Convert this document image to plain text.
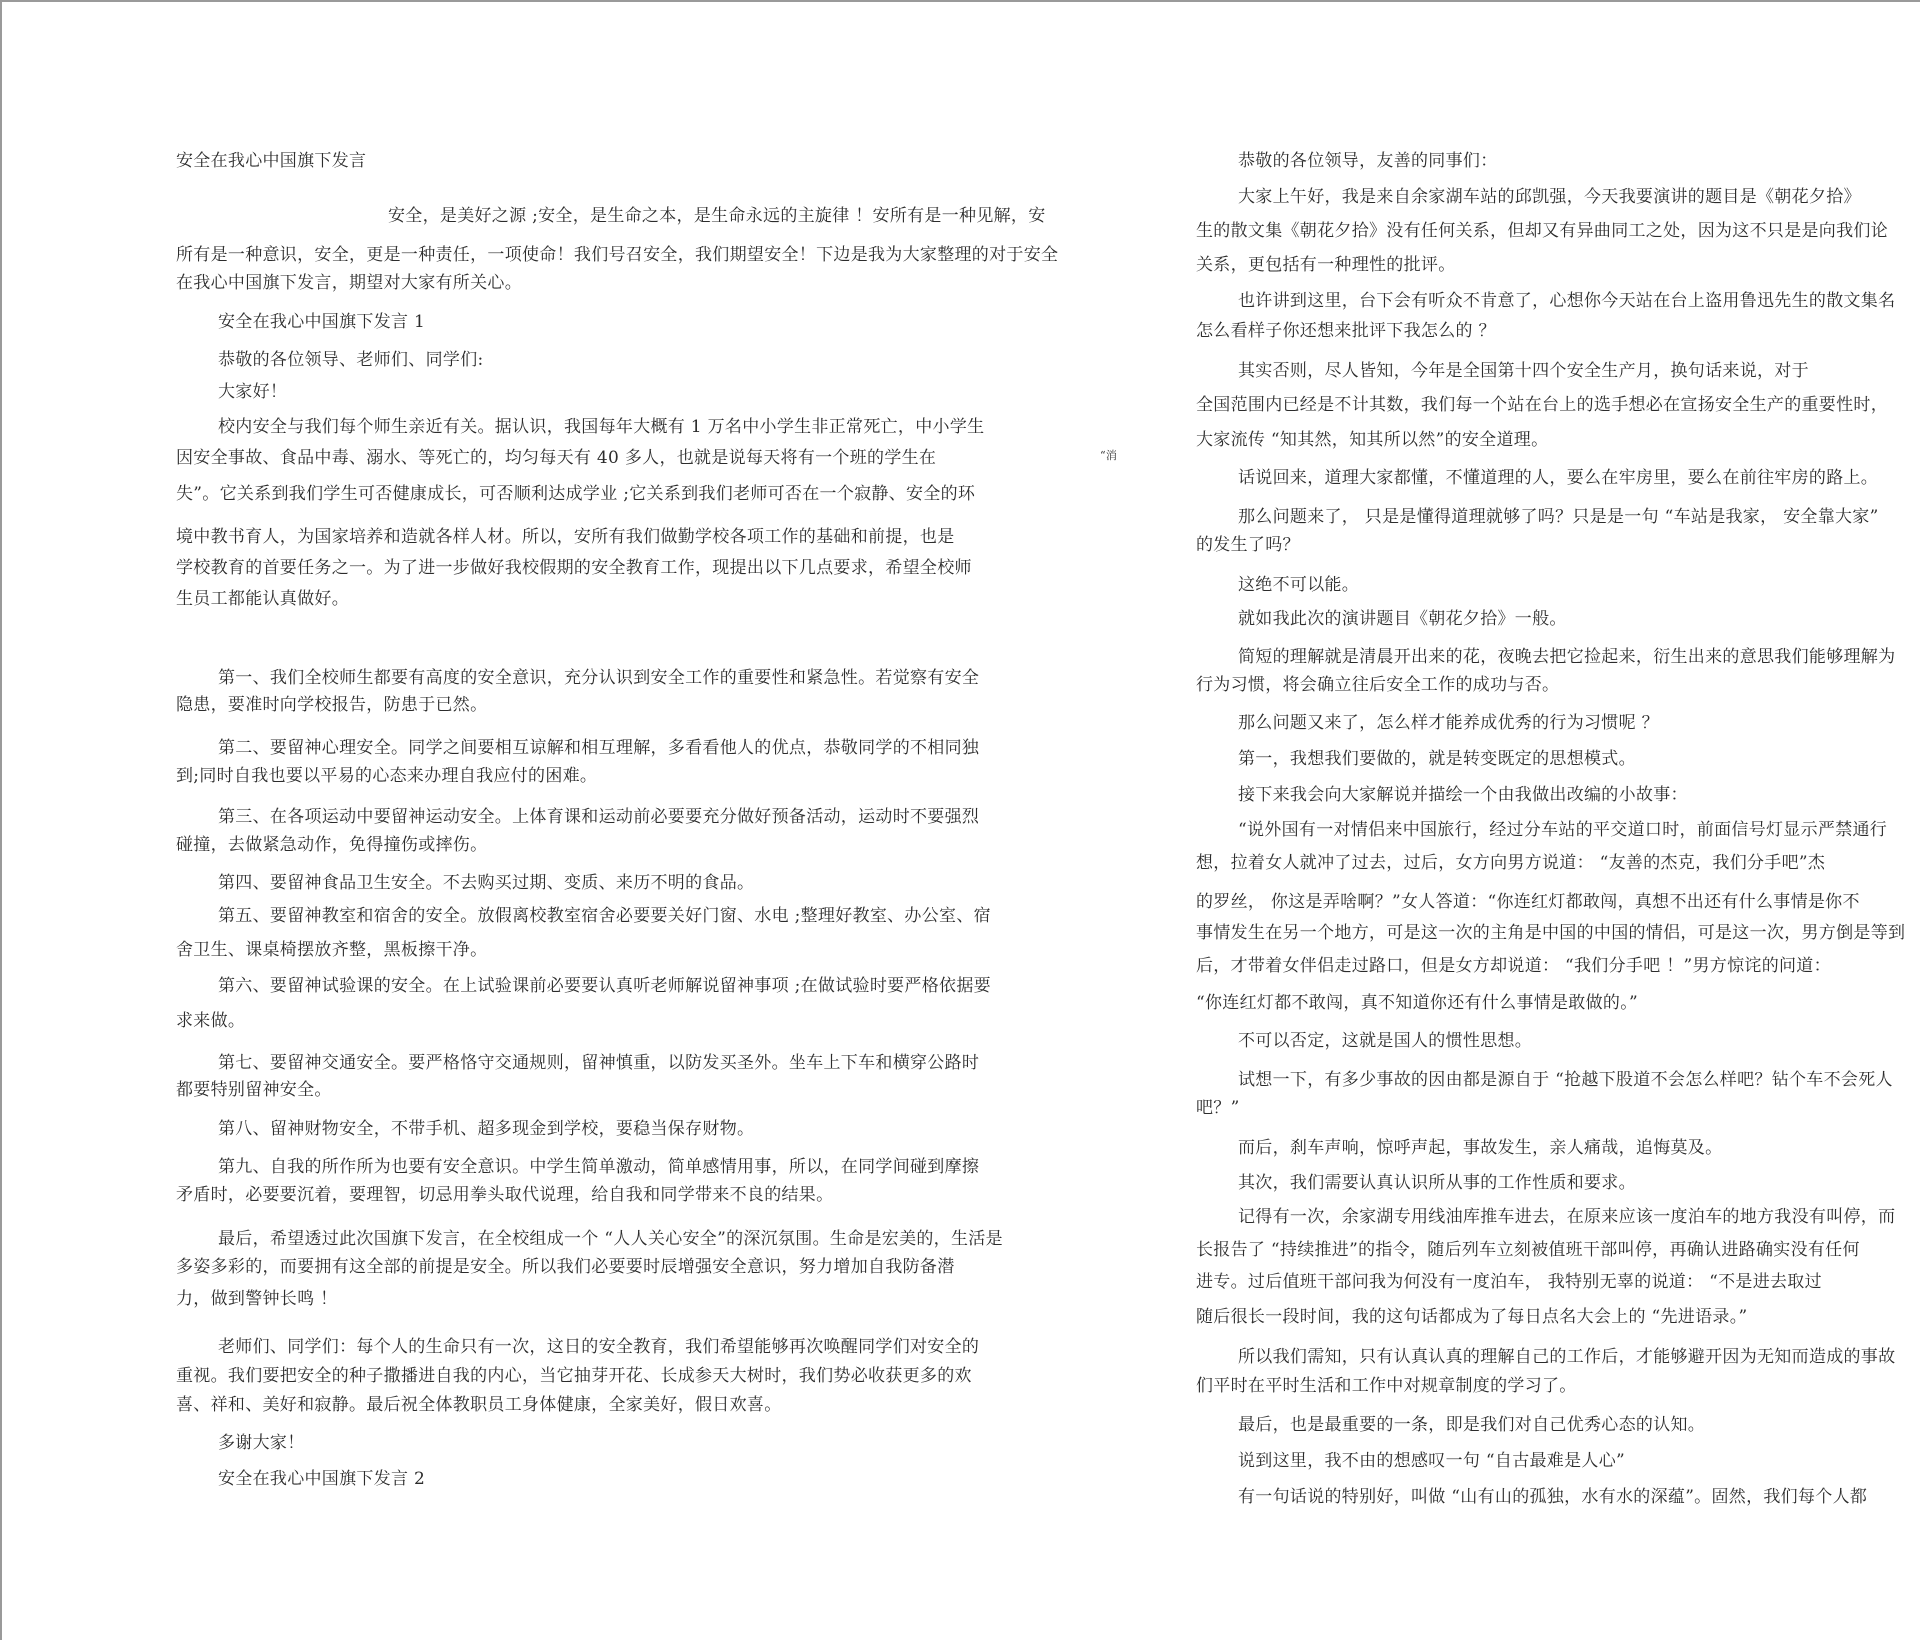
安全在我心中国旗下发言
安全，是美好之源 ;安全，是生命之本，是生命永远的主旋律 ！安所有是一种见解，安
所有是一种意识，安全，更是一种责任，一项使命！我们号召安全，我们期望安全！下边是我为大家整理的对于安全
在我心中国旗下发言，期望对大家有所关心。
安全在我心中国旗下发言 1
恭敬的各位领导、老师们、同学们:
大家好！
校内安全与我们每个师生亲近有关。据认识，我国每年大概有 1 万名中小学生非正常死亡，中小学生
因安全事故、食品中毒、溺水、等死亡的，均匀每天有 40 多人，也就是说每天将有一个班的学生在	“消
失”。它关系到我们学生可否健康成长，可否顺利达成学业 ;它关系到我们老师可否在一个寂静、安全的环
境中教书育人，为国家培养和造就各样人材。所以，安所有我们做勤学校各项工作的基础和前提，也是
学校教育的首要任务之一。为了进一步做好我校假期的安全教育工作，现提出以下几点要求，希望全校师
生员工都能认真做好。
第一、我们全校师生都要有高度的安全意识，充分认识到安全工作的重要性和紧急性。若觉察有安全
隐患，要准时向学校报告，防患于已然。
第二、要留神心理安全。同学之间要相互谅解和相互理解，多看看他人的优点，恭敬同学的不相同独
到;同时自我也要以平易的心态来办理自我应付的困难。
第三、在各项运动中要留神运动安全。上体育课和运动前必要要充分做好预备活动，运动时不要强烈
碰撞，去做紧急动作，免得撞伤或摔伤。
第四、要留神食品卫生安全。不去购买过期、变质、来历不明的食品。
第五、要留神教室和宿舍的安全。放假离校教室宿舍必要要关好门窗、水电 ;整理好教室、办公室、宿
舍卫生、课桌椅摆放齐整，黑板擦干净。
第六、要留神试验课的安全。在上试验课前必要要认真听老师解说留神事项 ;在做试验时要严格依据要
求来做。
第七、要留神交通安全。要严格恪守交通规则，留神慎重，以防发买圣外。坐车上下车和横穿公路时
都要特别留神安全。
第八、留神财物安全，不带手机、超多现金到学校，要稳当保存财物。
第九、自我的所作所为也要有安全意识。中学生简单激动，简单感情用事，所以，在同学间碰到摩擦
矛盾时，必要要沉着，要理智，切忌用拳头取代说理，给自我和同学带来不良的结果。
最后，希望透过此次国旗下发言，在全校组成一个 “人人关心安全”的深沉氛围。生命是宏美的，生活是
多姿多彩的，而要拥有这全部的前提是安全。所以我们必要要时辰增强安全意识，努力增加自我防备潜
力，做到警钟长鸣 ！
老师们、同学们：每个人的生命只有一次，这日的安全教育，我们希望能够再次唤醒同学们对安全的
重视。我们要把安全的种子撒播进自我的内心，当它抽芽开花、长成参天大树时，我们势必收获更多的欢
喜、祥和、美好和寂静。最后祝全体教职员工身体健康，全家美好，假日欢喜。
多谢大家！
安全在我心中国旗下发言 2
恭敬的各位领导，友善的同事们：
大家上午好，我是来自余家湖车站的邱凯强，今天我要演讲的题目是《朝花夕拾》
生的散文集《朝花夕拾》没有任何关系，但却又有异曲同工之处，因为这不只是是向我们论
关系，更包括有一种理性的批评。
也许讲到这里，台下会有听众不肯意了，心想你今天站在台上盗用鲁迅先生的散文集名
怎么看样子你还想来批评下我怎么的 ？
其实否则，尽人皆知，今年是全国第十四个安全生产月，换句话来说，对于
全国范围内已经是不计其数，我们每一个站在台上的选手想必在宣扬安全生产的重要性时，
大家流传 “知其然，知其所以然”的安全道理。
话说回来，道理大家都懂，不懂道理的人，要么在牢房里，要么在前往牢房的路上。
那么问题来了， 只是是懂得道理就够了吗？只是是一句 “车站是我家， 安全靠大家”
的发生了吗？
这绝不可以能。
就如我此次的演讲题目《朝花夕拾》一般。
简短的理解就是清晨开出来的花，夜晚去把它捡起来，衍生出来的意思我们能够理解为
行为习惯，将会确立往后安全工作的成功与否。
那么问题又来了，怎么样才能养成优秀的行为习惯呢 ？
第一，我想我们要做的，就是转变既定的思想模式。
接下来我会向大家解说并描绘一个由我做出改编的小故事：
“说外国有一对情侣来中国旅行，经过分车站的平交道口时，前面信号灯显示严禁通行
想，拉着女人就冲了过去，过后，女方向男方说道： “友善的杰克，我们分手吧”杰
的罗丝， 你这是弄啥啊？”女人答道：“你连红灯都敢闯，真想不出还有什么事情是你不
事情发生在另一个地方，可是这一次的主角是中国的中国的情侣，可是这一次，男方倒是等到
后，才带着女伴侣走过路口，但是女方却说道： “我们分手吧 ！”男方惊诧的问道：
“你连红灯都不敢闯，真不知道你还有什么事情是敢做的。”
不可以否定，这就是国人的惯性思想。
试想一下，有多少事故的因由都是源自于 “抢越下股道不会怎么样吧？钻个车不会死人
吧？”
而后，刹车声响，惊呼声起，事故发生，亲人痛哉，追悔莫及。
其次，我们需要认真认识所从事的工作性质和要求。
记得有一次，余家湖专用线油库推车进去，在原来应该一度泊车的地方我没有叫停，而
长报告了 “持续推进”的指令，随后列车立刻被值班干部叫停，再确认进路确实没有任何
进专。过后值班干部问我为何没有一度泊车， 我特别无辜的说道： “不是进去取过
随后很长一段时间，我的这句话都成为了每日点名大会上的 “先进语录。”
所以我们需知，只有认真认真的理解自己的工作后，才能够避开因为无知而造成的事故
们平时在平时生活和工作中对规章制度的学习了。
最后，也是最重要的一条，即是我们对自己优秀心态的认知。
说到这里，我不由的想感叹一句 “自古最难是人心”
有一句话说的特别好，叫做 “山有山的孤独，水有水的深蕴”。固然，我们每个人都
